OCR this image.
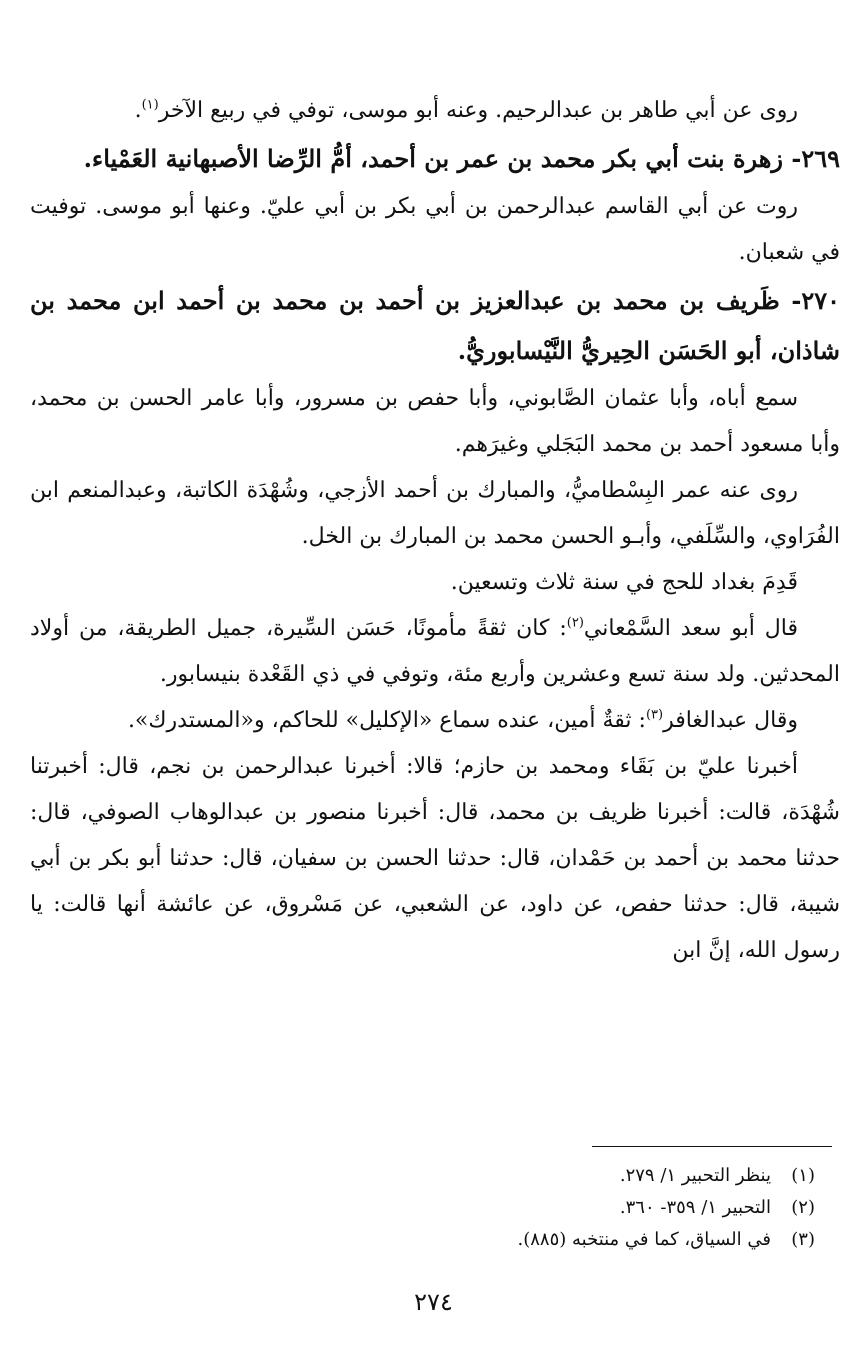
روى عن أبي طاهر بن عبدالرحيم. وعنه أبو موسى، توفي في ربيع الآخر$^{(١)}$.

٢٦٩- زهرة بنت أبي بكر محمد بن عمر بن أحمد، أمُّ الرِّضا الأصبهانية العَمْياء.

روت عن أبي القاسم عبدالرحمن بن أبي بكر بن أبي عليّ. وعنها أبو موسى. توفيت في شعبان.

٢٧٠- ظَريف بن محمد بن عبدالعزيز بن أحمد بن محمد بن أحمد ابن محمد بن شاذان، أبو الحَسَن الحِيريُّ النَّيْسابوريُّ.

سمع أباه، وأبا عثمان الصَّابوني، وأبا حفص بن مسرور، وأبا عامر الحسن بن محمد، وأبا مسعود أحمد بن محمد البَجَلي وغيرَهم.

روى عنه عمر البِسْطاميُّ، والمبارك بن أحمد الأزجي، وشُهْدَة الكاتبة، وعبدالمنعم ابن الفُرَاوي، والسِّلَفي، وأبـو الحسن محمد بن المبارك بن الخل.

قَدِمَ بغداد للحج في سنة ثلاث وتسعين.

قال أبو سعد السَّمْعاني$^{(٢)}$: كان ثقةً مأمونًا، حَسَن السِّيرة، جميل الطريقة، من أولاد المحدثين. ولد سنة تسع وعشرين وأربع مئة، وتوفي في ذي القَعْدة بنيسابور.

وقال عبدالغافر$^{(٣)}$: ثقةٌ أمين، عنده سماع «الإكليل» للحاكم، و«المستدرك».

أخبرنا عليّ بن بَقَاء ومحمد بن حازم؛ قالا: أخبرنا عبدالرحمن بن نجم، قال: أخبرتنا شُهْدَة، قالت: أخبرنا ظريف بن محمد، قال: أخبرنا منصور بن عبدالوهاب الصوفي، قال: حدثنا محمد بن أحمد بن حَمْدان، قال: حدثنا الحسن بن سفيان، قال: حدثنا أبو بكر بن أبي شيبة، قال: حدثنا حفص، عن داود، عن الشعبي، عن مَسْروق، عن عائشة أنها قالت: يا رسول الله، إنَّ ابن

(١)
ينظر التحبير ١/ ٢٧٩.
(٢)
التحبير ١/ ٣٥٩- ٣٦٠.
(٣)
في السياق، كما في منتخبه (٨٨٥).
٢٧٤
